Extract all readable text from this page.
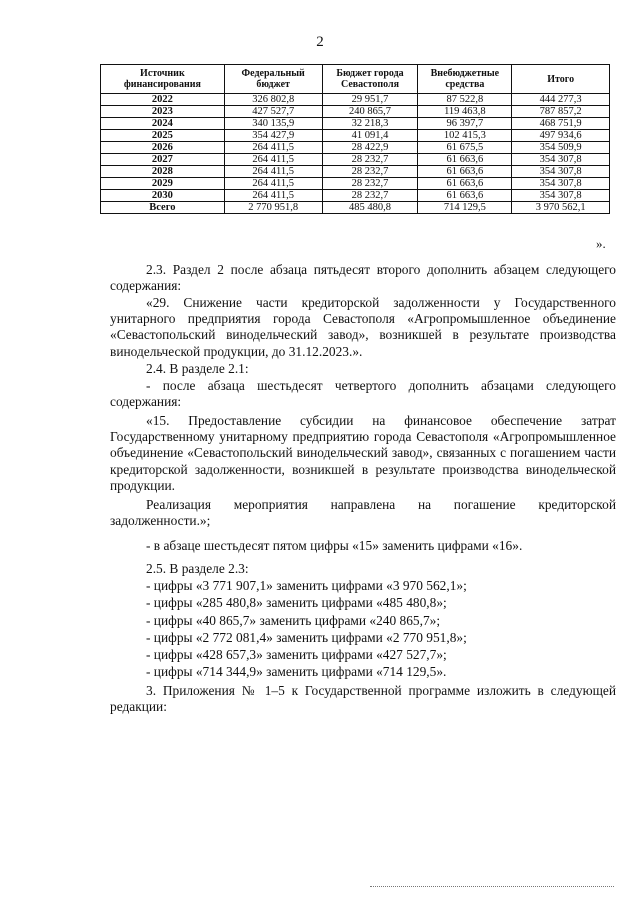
2
Источник финансирования	Федеральный бюджет	Бюджет города Севастополя	Внебюджетные средства	Итого
2022	326 802,8	29 951,7	87 522,8	444 277,3
2023	427 527,7	240 865,7	119 463,8	787 857,2
2024	340 135,9	32 218,3	96 397,7	468 751,9
2025	354 427,9	41 091,4	102 415,3	497 934,6
2026	264 411,5	28 422,9	61 675,5	354 509,9
2027	264 411,5	28 232,7	61 663,6	354 307,8
2028	264 411,5	28 232,7	61 663,6	354 307,8
2029	264 411,5	28 232,7	61 663,6	354 307,8
2030	264 411,5	28 232,7	61 663,6	354 307,8
Всего	2 770 951,8	485 480,8	714 129,5	3 970 562,1
».
2.3. Раздел 2 после абзаца пятьдесят второго дополнить абзацем следующего содержания:
«29. Снижение части кредиторской задолженности у Государственного унитарного предприятия города Севастополя «Агропромышленное объединение «Севастопольский винодельческий завод», возникшей в результате производства винодельческой продукции, до 31.12.2023.».
2.4. В разделе 2.1:
- после абзаца шестьдесят четвертого дополнить абзацами следующего содержания:
«15. Предоставление субсидии на финансовое обеспечение затрат Государственному унитарному предприятию города Севастополя «Агропромышленное объединение «Севастопольский винодельческий завод», связанных с погашением части кредиторской задолженности, возникшей в результате производства винодельческой продукции.
Реализация мероприятия направлена на погашение кредиторской задолженности.»;
- в абзаце шестьдесят пятом цифры «15» заменить цифрами «16».
2.5. В разделе 2.3:
- цифры «3 771 907,1» заменить цифрами «3 970 562,1»;
- цифры «285 480,8» заменить цифрами «485 480,8»;
- цифры «40 865,7» заменить цифрами «240 865,7»;
- цифры «2 772 081,4» заменить цифрами «2 770 951,8»;
- цифры «428 657,3» заменить цифрами «427 527,7»;
- цифры «714 344,9» заменить цифрами «714 129,5».
3. Приложения № 1–5 к Государственной программе изложить в следующей редакции:
